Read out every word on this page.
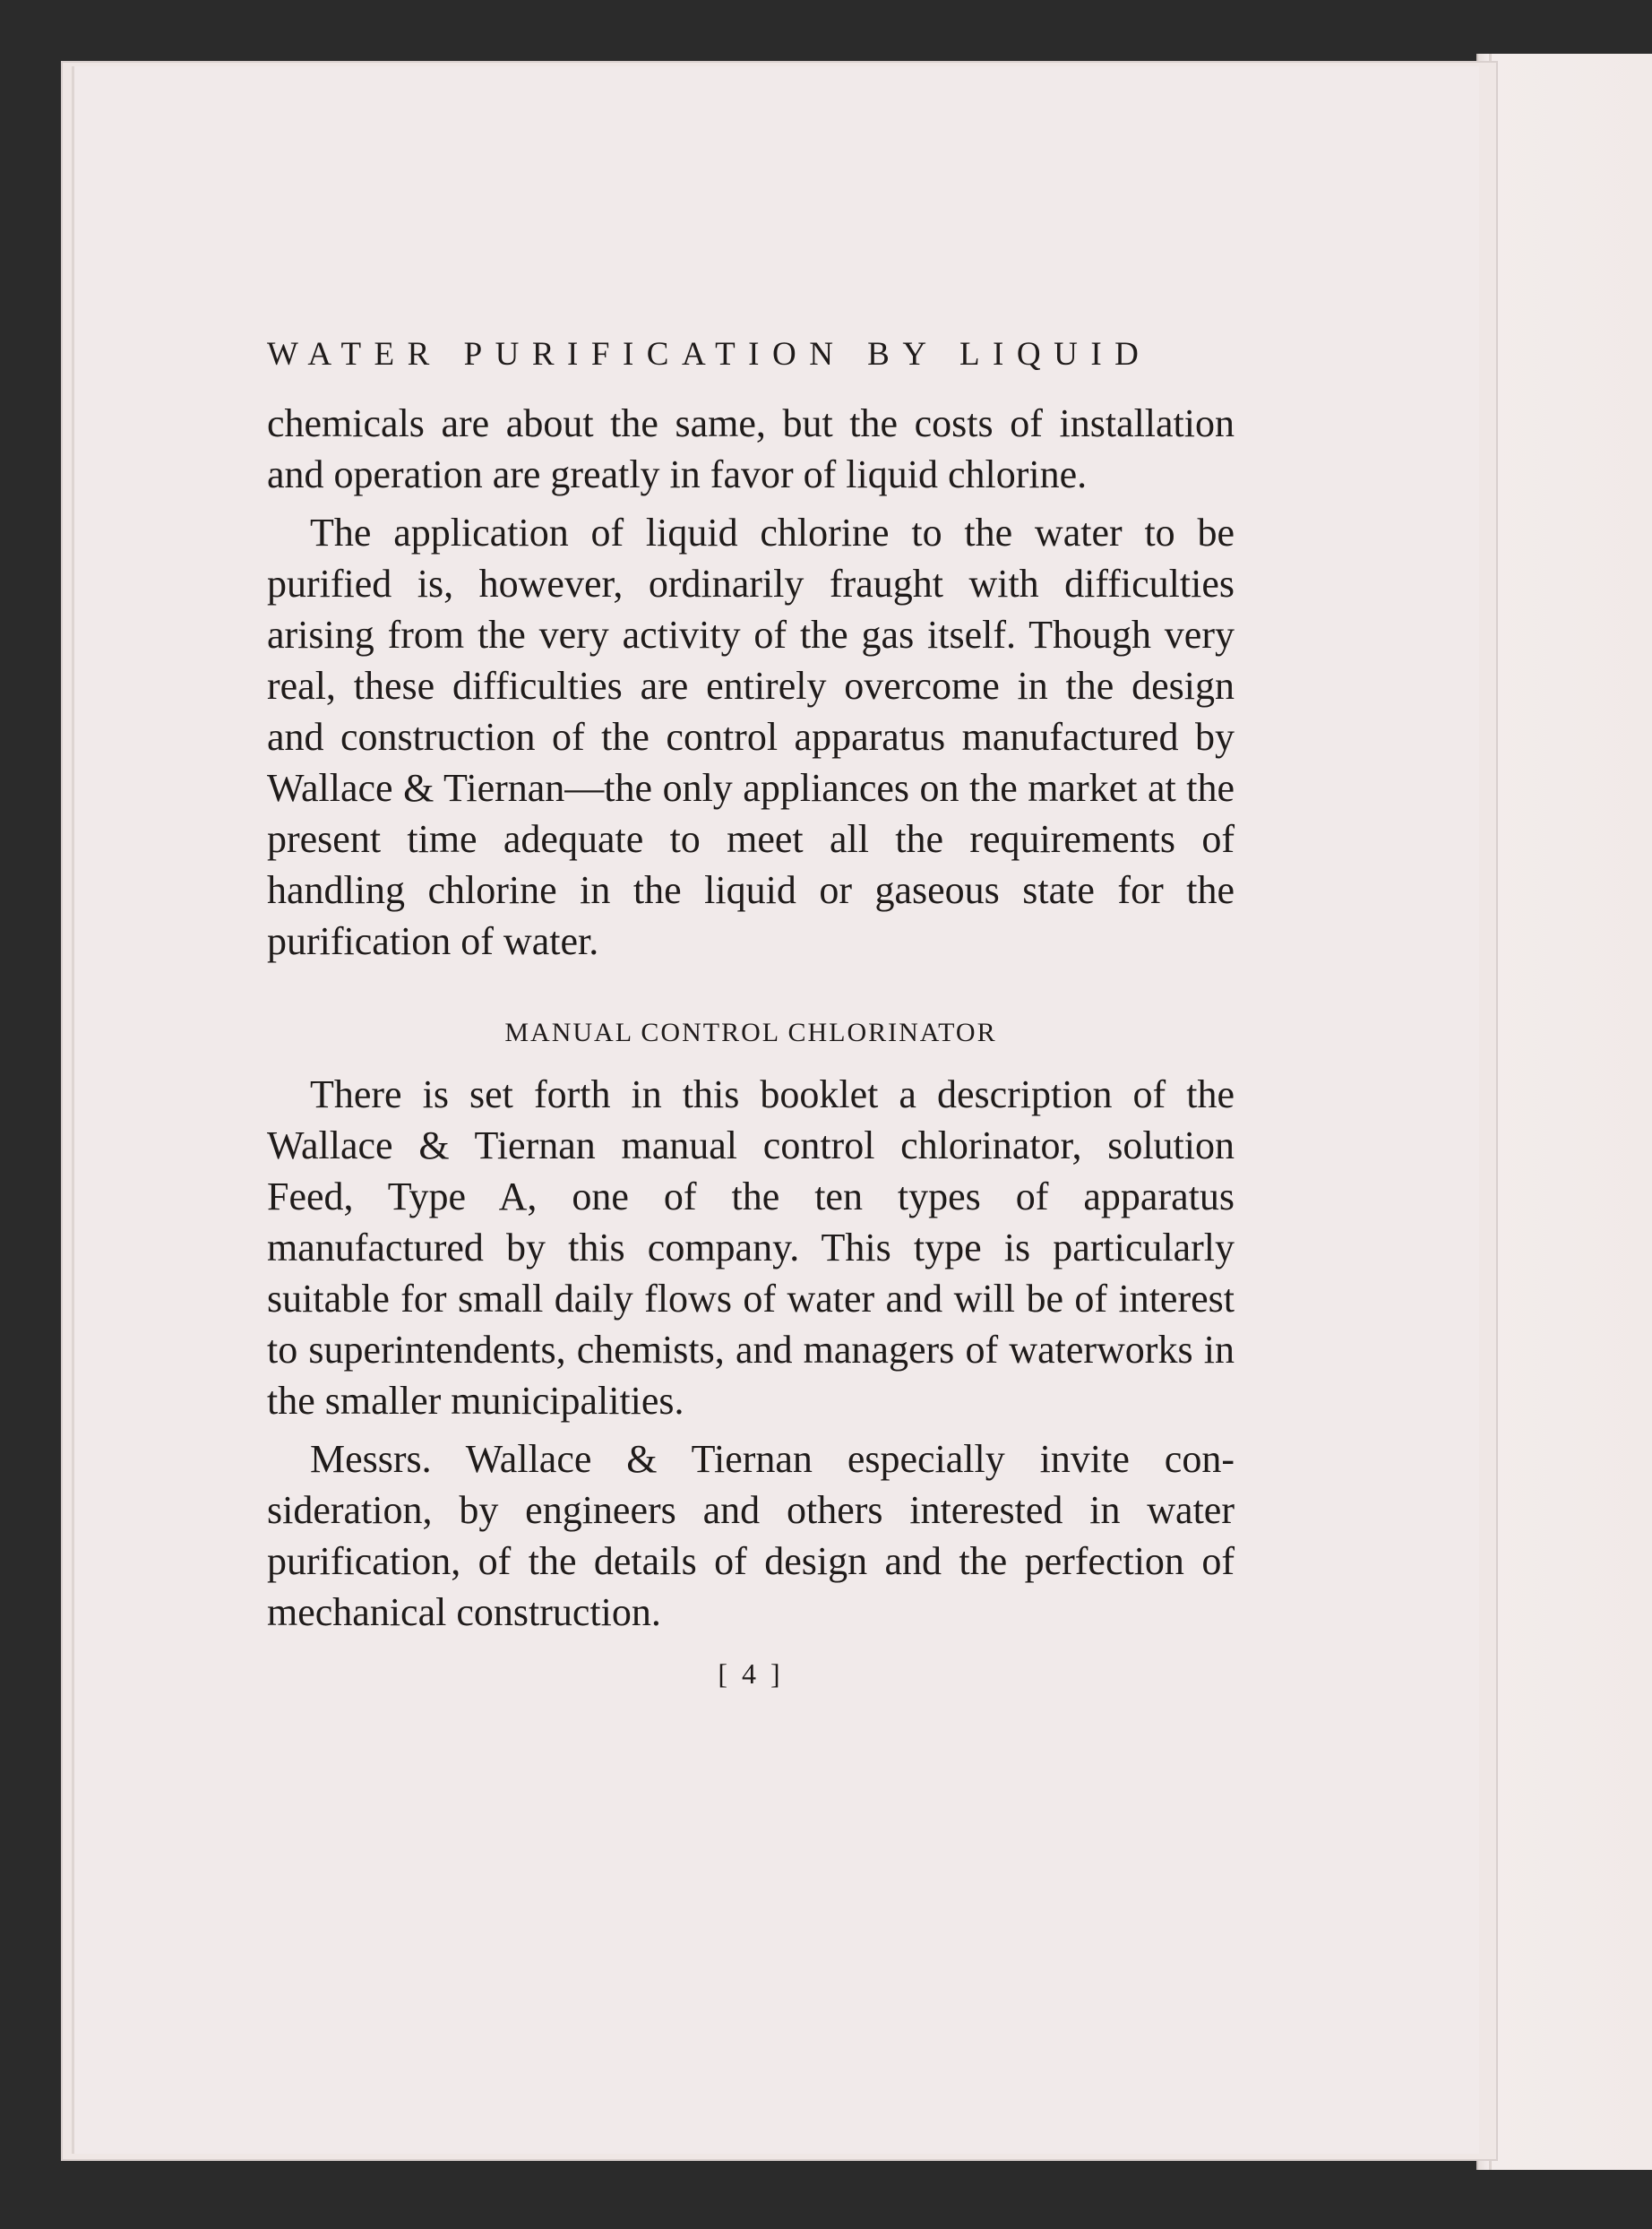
WATER PURIFICATION BY LIQUID

chemicals are about the same, but the costs of installation and operation are greatly in favor of liquid chlorine.

The application of liquid chlorine to the water to be purified is, however, ordinarily fraught with difficulties arising from the very activity of the gas itself. Though very real, these difficulties are entirely overcome in the design and construction of the control apparatus manufactured by Wallace & Tiernan—the only appliances on the market at the present time adequate to meet all the requirements of handling chlorine in the liquid or gaseous state for the purification of water.

MANUAL CONTROL CHLORINATOR

There is set forth in this booklet a description of the Wallace & Tiernan manual control chlorinator, solution Feed, Type A, one of the ten types of apparatus manufactured by this company. This type is particularly suitable for small daily flows of water and will be of interest to superintendents, chemists, and managers of waterworks in the smaller municipalities.

Messrs. Wallace & Tiernan especially invite consideration, by engineers and others interested in water purification, of the details of design and the perfection of mechanical construction.

[ 4 ]
